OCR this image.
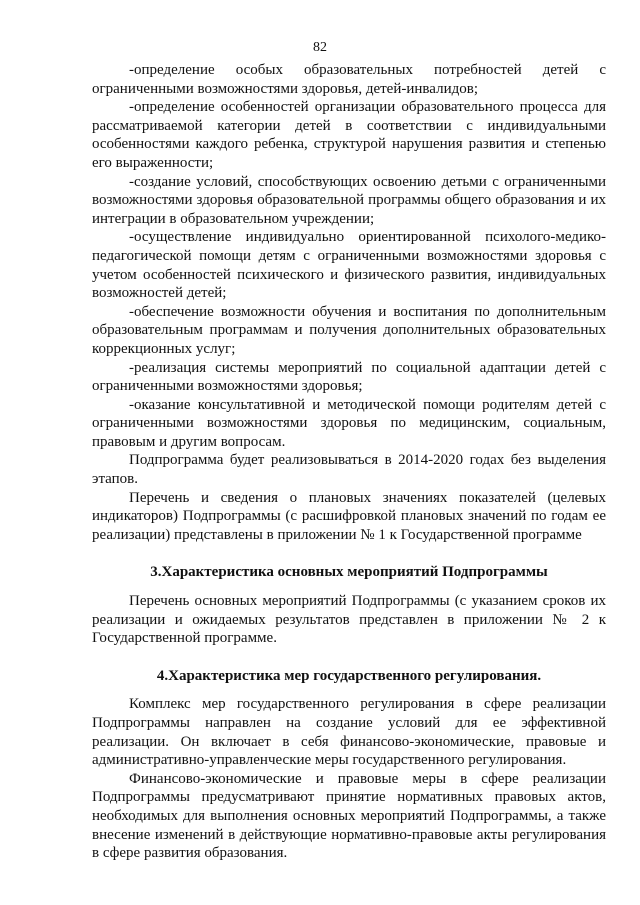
82

-определение особых образовательных потребностей детей с ограниченными возможностями здоровья, детей-инвалидов;

-определение особенностей организации образовательного процесса для рассматриваемой категории детей в соответствии с индивидуальными особенностями каждого ребенка, структурой нарушения развития и степенью его выраженности;

-создание условий, способствующих освоению детьми с ограниченными возможностями здоровья образовательной программы общего образования и их интеграции в образовательном учреждении;

-осуществление индивидуально ориентированной психолого-медико-педагогической помощи детям с ограниченными возможностями здоровья с учетом особенностей психического и физического развития, индивидуальных возможностей детей;

-обеспечение возможности обучения и воспитания по дополнительным образовательным программам и получения дополнительных образовательных коррекционных услуг;

-реализация системы мероприятий по социальной адаптации детей с ограниченными возможностями здоровья;

-оказание консультативной и методической помощи родителям детей с ограниченными возможностями здоровья по медицинским, социальным, правовым и другим вопросам.

Подпрограмма будет реализовываться в 2014-2020 годах без выделения этапов.

Перечень и сведения о плановых значениях показателей (целевых индикаторов) Подпрограммы (с расшифровкой плановых значений по годам ее реализации) представлены в приложении № 1 к Государственной программе

3.Характеристика основных мероприятий Подпрограммы

Перечень основных мероприятий Подпрограммы (с указанием сроков их реализации и ожидаемых результатов представлен в приложении № 2 к Государственной программе.

4.Характеристика мер государственного регулирования.

Комплекс мер государственного регулирования в сфере реализации Подпрограммы направлен на создание условий для ее эффективной реализации. Он включает в себя финансово-экономические, правовые и административно-управленческие меры государственного регулирования.

Финансово-экономические и правовые меры в сфере реализации Подпрограммы предусматривают принятие нормативных правовых актов, необходимых для выполнения основных мероприятий Подпрограммы, а также внесение изменений в действующие нормативно-правовые акты регулирования в сфере развития образования.
